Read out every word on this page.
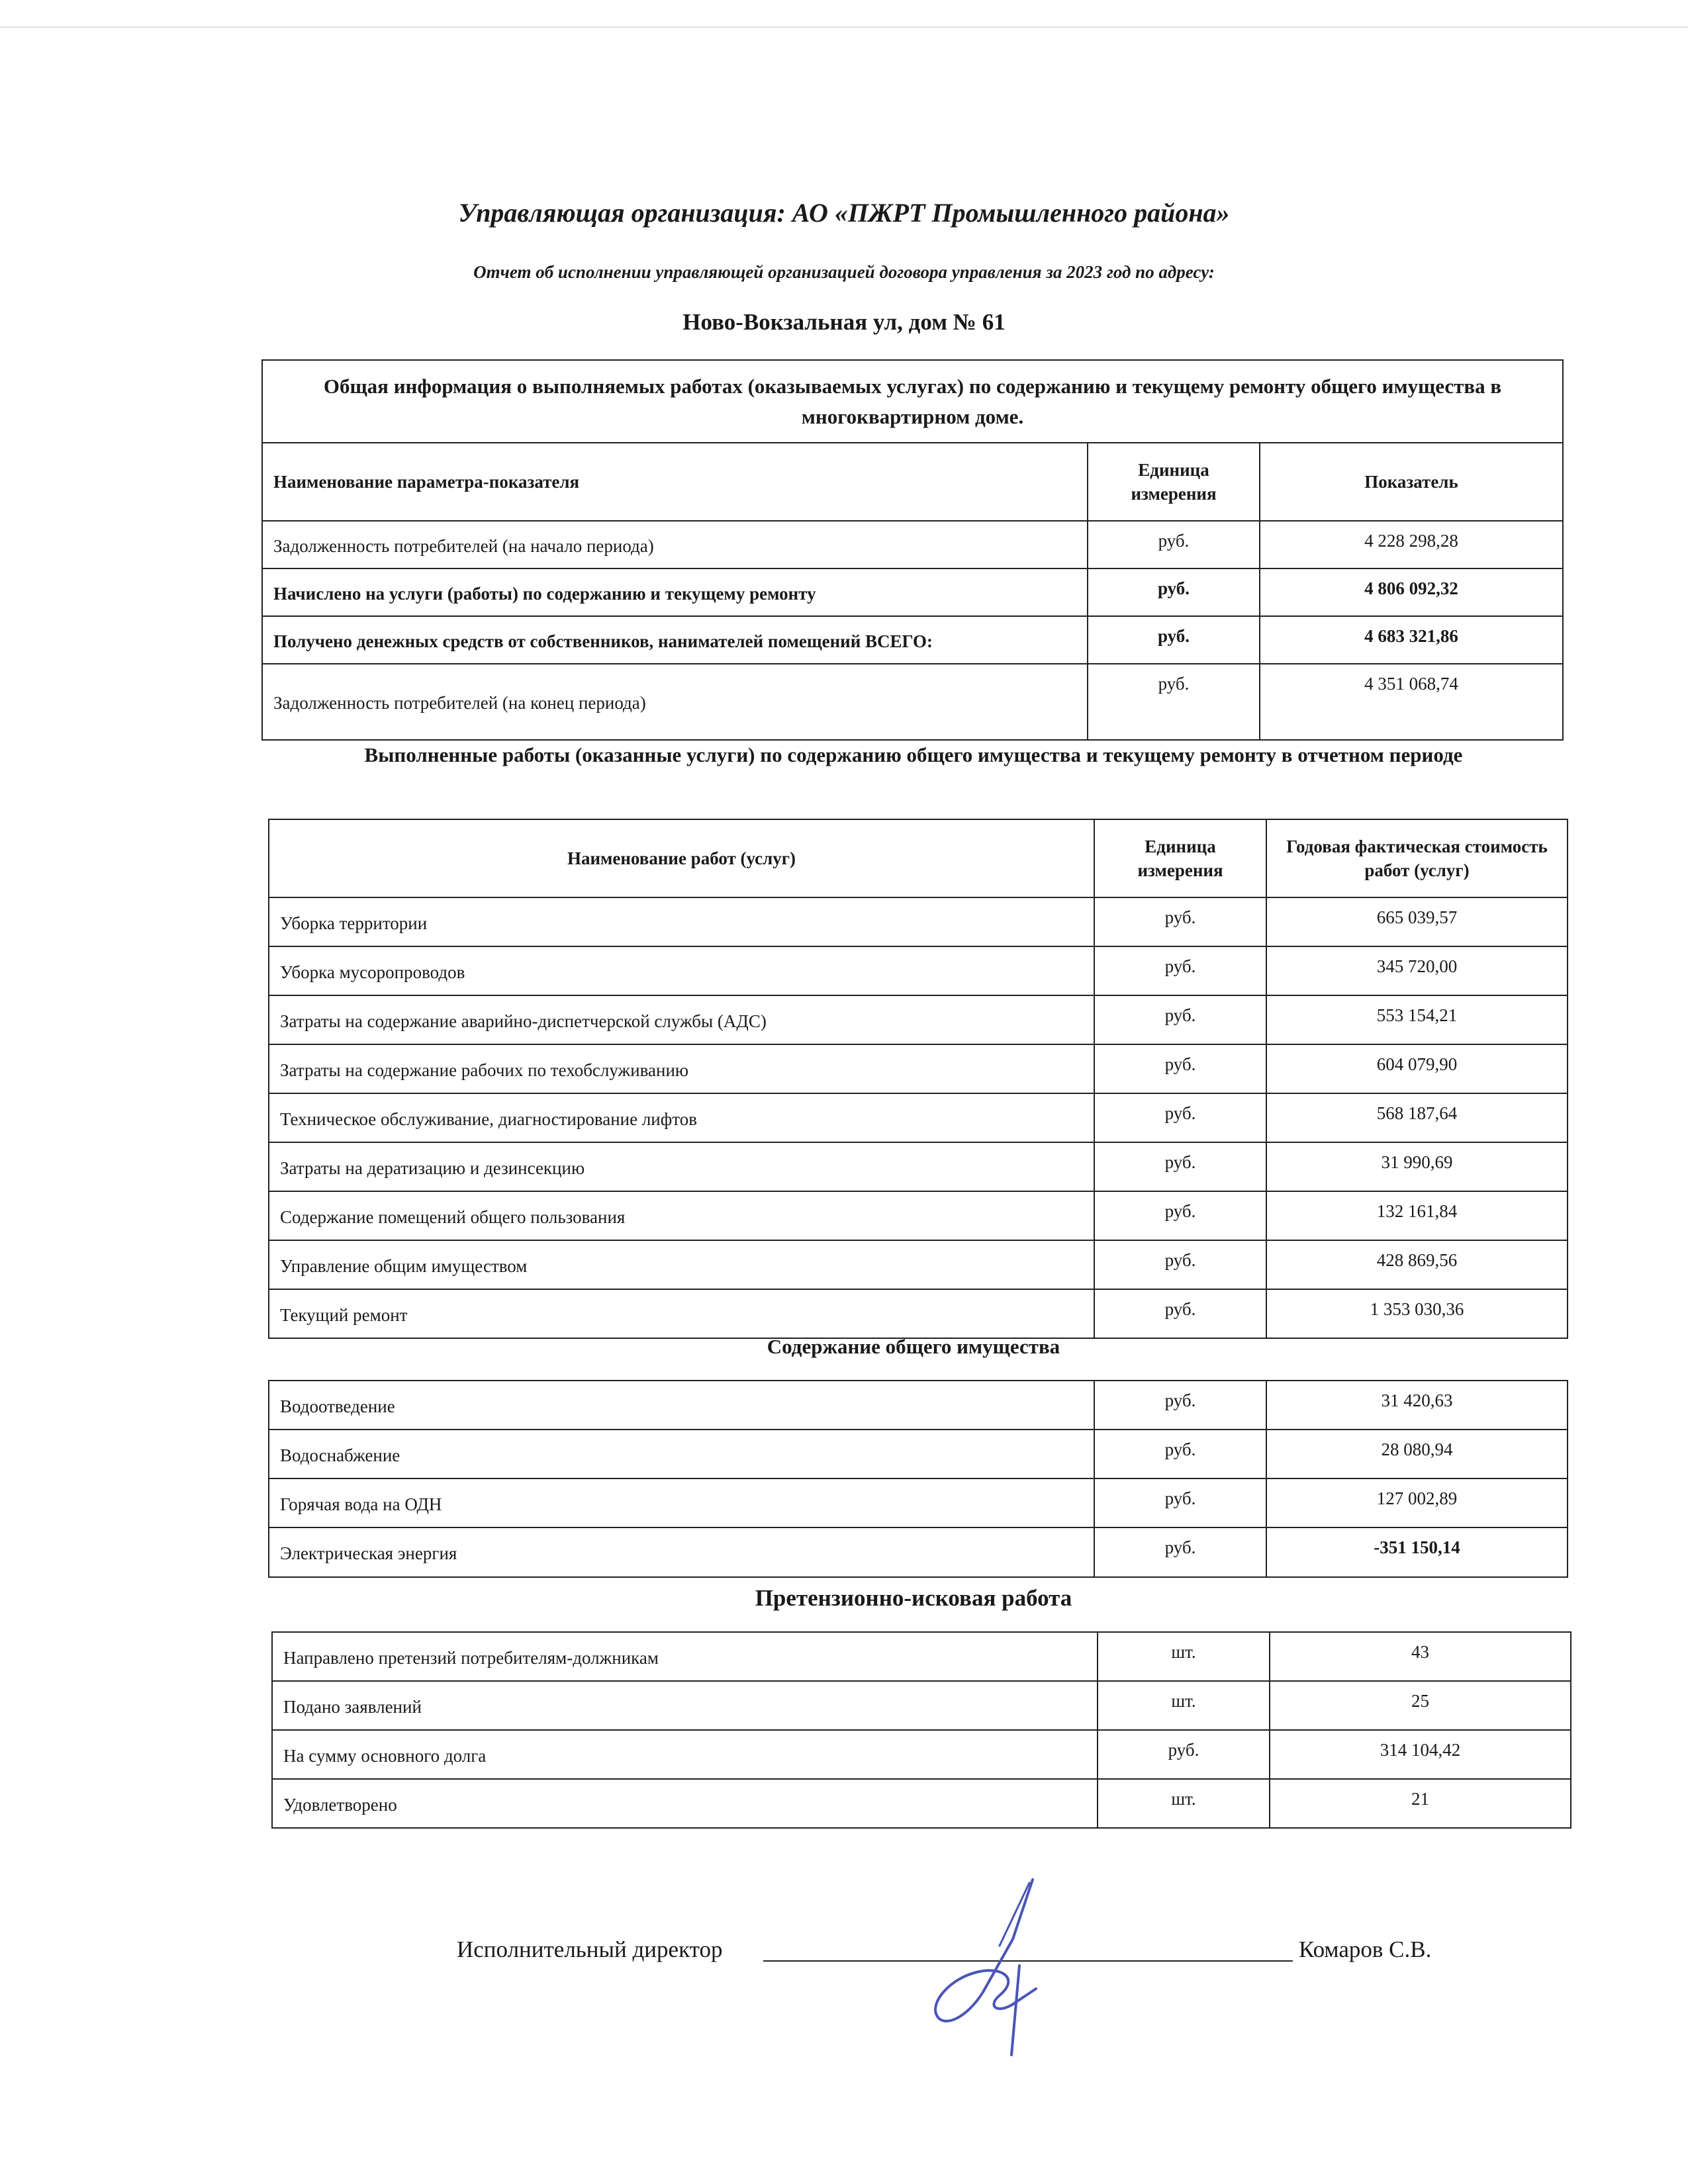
Управляющая организация: АО «ПЖРТ Промышленного района»
Отчет об исполнении управляющей организацией договора управления за 2023 год по адресу:
Ново-Вокзальная ул, дом № 61
Общая информация о выполняемых работах (оказываемых услугах) по содержанию и текущему ремонту общего имущества в многоквартирном доме.		
Наименование параметра-показателя	Единица измерения	Показатель
Задолженность потребителей (на начало периода)	руб.	4 228 298,28
Начислено на услуги (работы) по содержанию и текущему ремонту	руб.	4 806 092,32
Получено денежных средств от собственников, нанимателей помещений ВСЕГО:	руб.	4 683 321,86
Задолженность потребителей (на конец периода)	руб.	4 351 068,74
Выполненные работы (оказанные услуги) по содержанию общего имущества и текущему ремонту в отчетном периоде
Наименование работ (услуг)	Единица измерения	Годовая фактическая стоимость работ (услуг)
Уборка территории	руб.	665 039,57
Уборка мусоропроводов	руб.	345 720,00
Затраты на содержание аварийно-диспетчерской службы (АДС)	руб.	553 154,21
Затраты на содержание рабочих по техобслуживанию	руб.	604 079,90
Техническое обслуживание, диагностирование лифтов	руб.	568 187,64
Затраты на дератизацию и дезинсекцию	руб.	31 990,69
Содержание помещений общего пользования	руб.	132 161,84
Управление общим имуществом	руб.	428 869,56
Текущий ремонт	руб.	1 353 030,36
Содержание общего имущества
Водоотведение	руб.	31 420,63
Водоснабжение	руб.	28 080,94
Горячая вода на ОДН	руб.	127 002,89
Электрическая энергия	руб.	-351 150,14
Претензионно-исковая работа
Направлено претензий потребителям-должникам	шт.	43
Подано заявлений	шт.	25
На сумму основного долга	руб.	314 104,42
Удовлетворено	шт.	21
Исполнительный директор	Комаров С.В.
